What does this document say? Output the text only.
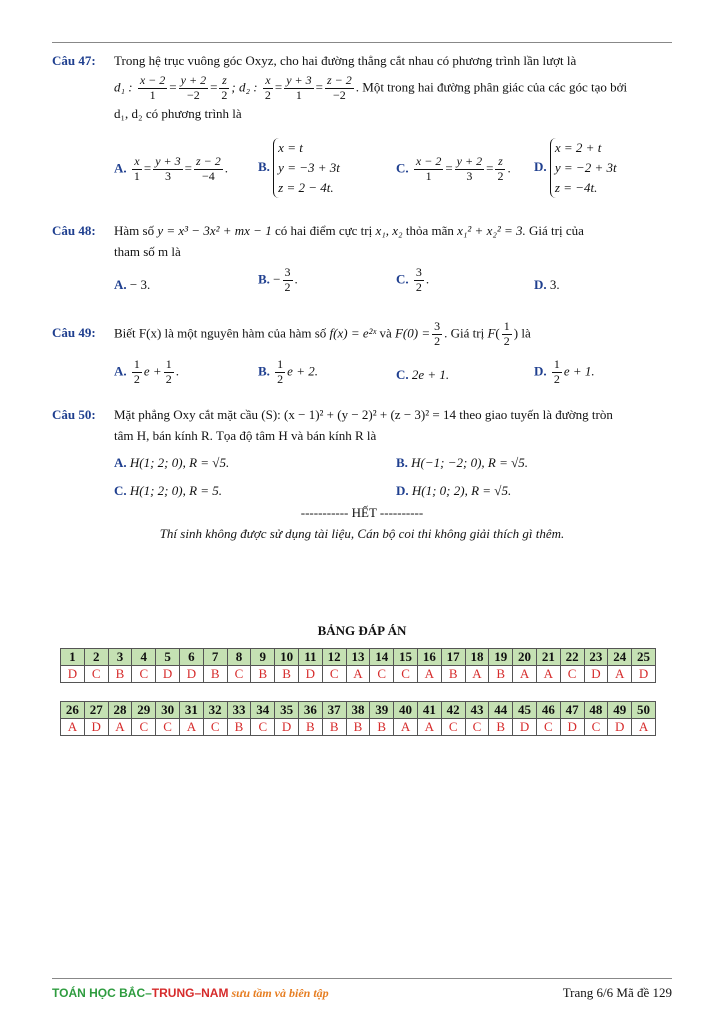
Câu 47: Trong hệ trục vuông góc Oxyz, cho hai đường thẳng cắt nhau có phương trình lần lượt là
d₁ : $\frac{x - 2}{1} = \frac{y + 2}{-2} = \frac{z}{2}$ ; d₂ : $\frac{x}{2} = \frac{y + 3}{1} = \frac{z - 2}{-2}$ . Một trong hai đường phân giác của các góc tạo bởi
d₁, d₂ có phương trình là
A. $\frac{x}{1} = \frac{y + 3}{3} = \frac{z - 2}{-4}$ . B. x = t
y = −3 + 3t
z = 2 − 4t.
C. $\frac{x - 2}{1} = \frac{y + 2}{3} = \frac{z}{2}$ . D. x = 2 + t
y = −2 + 3t
z = −4t.
Câu 48: Hàm số y = x³ − 3x² + mx − 1 có hai điểm cực trị x₁, x₂ thỏa mãn x₁² + x₂² = 3. Giá trị của
tham số m là
A. − 3.	B. − $\frac{3}{2}$ .	C. $\frac{3}{2}$ .	D. 3.
Câu 49: Biết F(x) là một nguyên hàm của hàm số f(x) = e²ˣ và $F(0) = \frac{3}{2}$ . Giá trị $F( \frac{1}{2}$ ) là
A. $\frac{1}{2}$ $e + \frac{1}{2}$ .	B. $\frac{1}{2}$ e + 2.	C. 2e + 1.	D. $\frac{1}{2}$ e + 1.
Câu 50: Mặt phẳng Oxy cắt mặt cầu (S): (x − 1)² + (y − 2)² + (z − 3)² = 14 theo giao tuyến là đường tròn
tâm H, bán kính R. Tọa độ tâm H và bán kính R là
A. H(1; 2; 0), R = √5.	B. H(−1; −2; 0), R = √5.
C. H(1; 2; 0), R = 5.	D. H(1; 0; 2), R = √5.
----------- HẾT ----------
Thí sinh không được sử dụng tài liệu, Cán bộ coi thi không giải thích gì thêm.
BẢNG ĐÁP ÁN
1	2	3	4	5	6	7	8	9	10	11	12	13	14	15	16	17	18	19	20	21	22	23	24	25
D	C	B	C	D	D	B	C	B	B	D	C	A	C	C	A	B	A	B	A	A	C	D	A	D
26	27	28	29	30	31	32	33	34	35	36	37	38	39	40	41	42	43	44	45	46	47	48	49	50
A	D	A	C	C	A	C	B	C	D	B	B	B	B	A	A	C	C	B	D	C	D	C	D	A
TOÁN HỌC BẮC–TRUNG–NAM sưu tầm và biên tập	Trang 6/6 Mã đề 129
